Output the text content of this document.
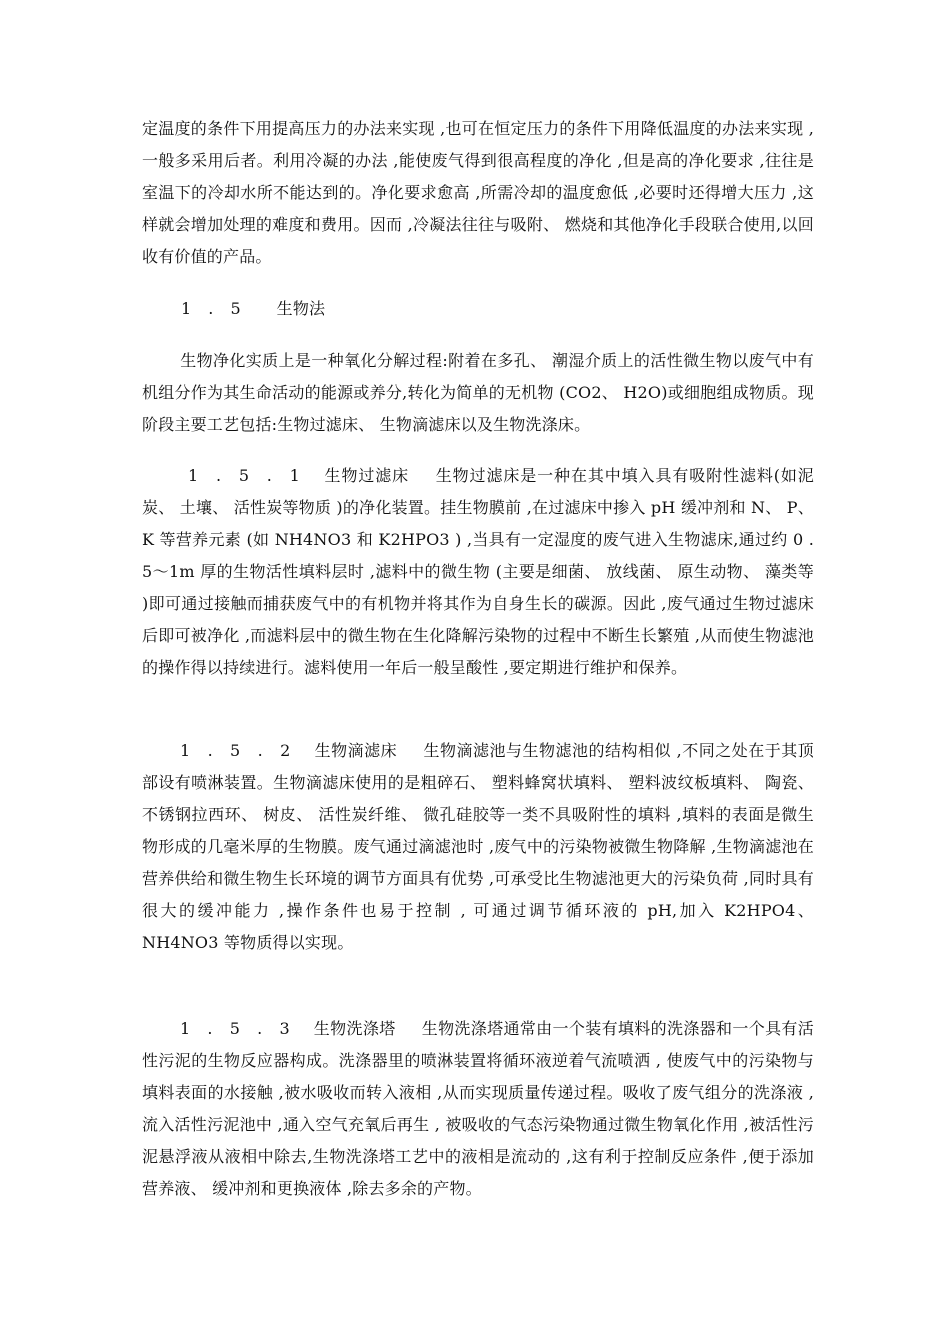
定温度的条件下用提高压力的办法来实现 ,也可在恒定压力的条件下用降低温度的办法来实现 ,一般多采用后者。利用冷凝的办法 ,能使废气得到很高程度的净化 ,但是高的净化要求 ,往往是室温下的冷却水所不能达到的。净化要求愈高 ,所需冷却的温度愈低 ,必要时还得增大压力 ,这样就会增加处理的难度和费用。因而 ,冷凝法往往与吸附、 燃烧和其他净化手段联合使用,以回收有价值的产品。

1 . 5 生物法

生物净化实质上是一种氧化分解过程:附着在多孔、 潮湿介质上的活性微生物以废气中有机组分作为其生命活动的能源或养分,转化为简单的无机物 (CO2、 H2O)或细胞组成物质。现阶段主要工艺包括:生物过滤床、 生物滴滤床以及生物洗涤床。

1 . 5 . 1 生物过滤床 生物过滤床是一种在其中填入具有吸附性滤料(如泥炭、 土壤、 活性炭等物质 )的净化装置。挂生物膜前 ,在过滤床中掺入 pH 缓冲剂和 N、 P、 K 等营养元素 (如 NH4NO3 和 K2HPO3 ) ,当具有一定湿度的废气进入生物滤床,通过约 0 . 5～1m 厚的生物活性填料层时 ,滤料中的微生物 (主要是细菌、 放线菌、 原生动物、 藻类等 )即可通过接触而捕获废气中的有机物并将其作为自身生长的碳源。因此 ,废气通过生物过滤床后即可被净化 ,而滤料层中的微生物在生化降解污染物的过程中不断生长繁殖 ,从而使生物滤池的操作得以持续进行。滤料使用一年后一般呈酸性 ,要定期进行维护和保养。

1 . 5 . 2 生物滴滤床 生物滴滤池与生物滤池的结构相似 ,不同之处在于其顶部设有喷淋装置。生物滴滤床使用的是粗碎石、 塑料蜂窝状填料、 塑料波纹板填料、 陶瓷、不锈钢拉西环、 树皮、 活性炭纤维、 微孔硅胶等一类不具吸附性的填料 ,填料的表面是微生物形成的几毫米厚的生物膜。废气通过滴滤池时 ,废气中的污染物被微生物降解 ,生物滴滤池在营养供给和微生物生长环境的调节方面具有优势 ,可承受比生物滤池更大的污染负荷 ,同时具有很大的缓冲能力 ,操作条件也易于控制 , 可通过调节循环液的 pH,加入 K2HPO4、 NH4NO3 等物质得以实现。

1 . 5 . 3 生物洗涤塔 生物洗涤塔通常由一个装有填料的洗涤器和一个具有活性污泥的生物反应器构成。洗涤器里的喷淋装置将循环液逆着气流喷洒 , 使废气中的污染物与填料表面的水接触 ,被水吸收而转入液相 ,从而实现质量传递过程。吸收了废气组分的洗涤液 ,流入活性污泥池中 ,通入空气充氧后再生 , 被吸收的气态污染物通过微生物氧化作用 ,被活性污泥悬浮液从液相中除去,生物洗涤塔工艺中的液相是流动的 ,这有利于控制反应条件 ,便于添加营养液、 缓冲剂和更换液体 ,除去多余的产物。
